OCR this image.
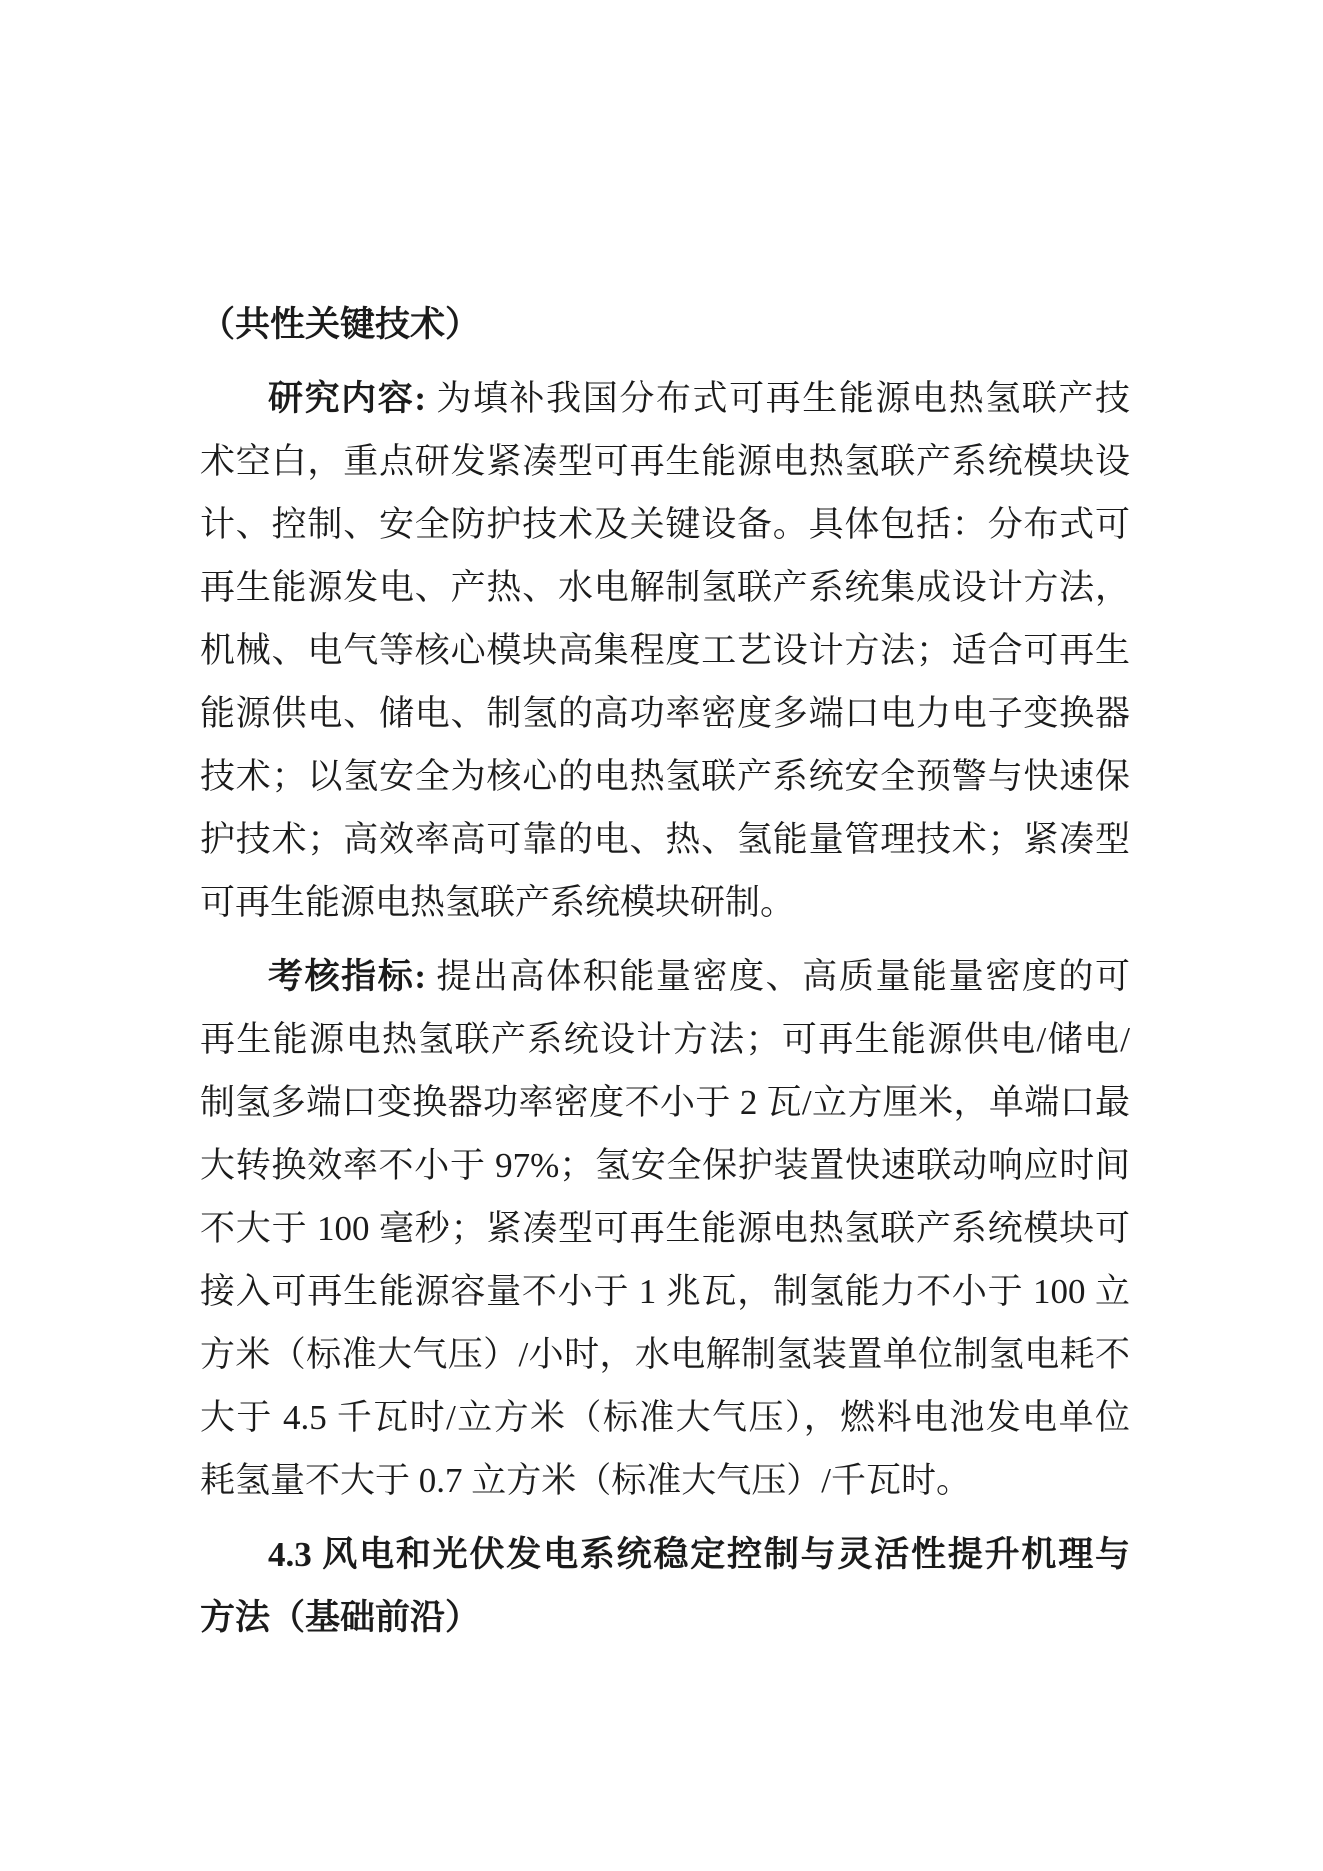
（共性关键技术）
研究内容: 为填补我国分布式可再生能源电热氢联产技
术空白，重点研发紧凑型可再生能源电热氢联产系统模块设
计、控制、安全防护技术及关键设备。具体包括：分布式可
再生能源发电、产热、水电解制氢联产系统集成设计方法，
机械、电气等核心模块高集程度工艺设计方法；适合可再生
能源供电、储电、制氢的高功率密度多端口电力电子变换器
技术；以氢安全为核心的电热氢联产系统安全预警与快速保
护技术；高效率高可靠的电、热、氢能量管理技术；紧凑型
可再生能源电热氢联产系统模块研制。
考核指标: 提出高体积能量密度、高质量能量密度的可
再生能源电热氢联产系统设计方法；可再生能源供电/储电/
制氢多端口变换器功率密度不小于 2 瓦/立方厘米，单端口最
大转换效率不小于 97%；氢安全保护装置快速联动响应时间
不大于 100 毫秒；紧凑型可再生能源电热氢联产系统模块可
接入可再生能源容量不小于 1 兆瓦，制氢能力不小于 100 立
方米（标准大气压）/小时，水电解制氢装置单位制氢电耗不
大于 4.5 千瓦时/立方米（标准大气压），燃料电池发电单位
耗氢量不大于 0.7 立方米（标准大气压）/千瓦时。
4.3 风电和光伏发电系统稳定控制与灵活性提升机理与
方法（基础前沿）
